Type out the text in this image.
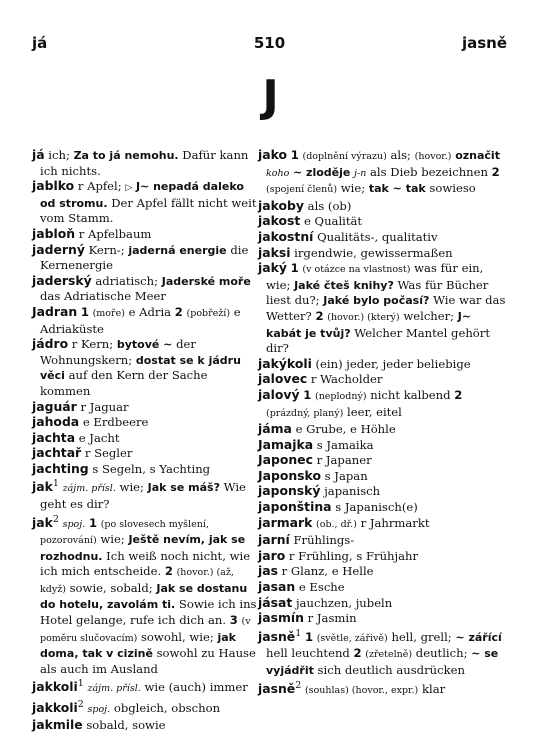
já	510	jasně
J
já ich; Za to já nemohu. Dafür kann ich nichts.
jablko r Apfel; ▷ J~ nepadá daleko od stromu. Der Apfel fällt nicht weit vom Stamm.
jabloň r Apfelbaum
jaderný Kern-; jaderná energie die Kernenergie
jaderský adriatisch; Jaderské moře das Adriatische Meer
Jadran 1 (moře) e Adria 2 (pobřeží) e Adriaküste
jádro r Kern; bytové ~ der Wohnungskern; dostat se k jádru věci auf den Kern der Sache kommen
jaguár r Jaguar
jahoda e Erdbeere
jachta e Jacht
jachtař r Segler
jachting s Segeln, s Yachting
jak$^1$ zájm. přísl. wie; Jak se máš? Wie geht es dir?
jak$^2$ spoj. 1 (po slovesech myšlení, pozorování) wie; Ještě nevím, jak se rozhodnu. Ich weiß noch nicht, wie ich mich entscheide. 2 (hovor.) (až, když) sowie, sobald; Jak se dostanu do hotelu, zavolám ti. Sowie ich ins Hotel gelange, rufe ich dich an. 3 (v poměru slučovacím) sowohl, wie; jak doma, tak v cizině sowohl zu Hause als auch im Ausland
jakkoli$^1$ zájm. přísl. wie (auch) immer
jakkoli$^2$ spoj. obgleich, obschon
jakmile sobald, sowie
jako 1 (doplnění výrazu) als; (hovor.) označit koho ~ zloděje j-n als Dieb bezeichnen 2 (spojení členů) wie; tak ~ tak sowieso
jakoby als (ob)
jakost e Qualität
jakostní Qualitäts-, qualitativ
jaksi irgendwie, gewissermaßen
jaký 1 (v otázce na vlastnost) was für ein, wie; Jaké čteš knihy? Was für Bücher liest du?; Jaké bylo počasí? Wie war das Wetter? 2 (hovor.) (který) welcher; J~ kabát je tvůj? Welcher Mantel gehört dir?
jakýkoli (ein) jeder, jeder beliebige
jalovec r Wacholder
jalový 1 (neplodný) nicht kalbend 2 (prázdný, planý) leer, eitel
jáma e Grube, e Höhle
Jamajka s Jamaika
Japonec r Japaner
Japonsko s Japan
japonský japanisch
japonština s Japanisch(e)
jarmark (ob., dř.) r Jahrmarkt
jarní Frühlings-
jaro r Frühling, s Frühjahr
jas r Glanz, e Helle
jasan e Esche
jásat jauchzen, jubeln
jasmín r Jasmin
jasně$^1$ 1 (světle, zářivě) hell, grell; ~ zářící hell leuchtend 2 (zřetelně) deutlich; ~ se vyjádřit sich deutlich ausdrücken
jasně$^2$ (souhlas) (hovor., expr.) klar
